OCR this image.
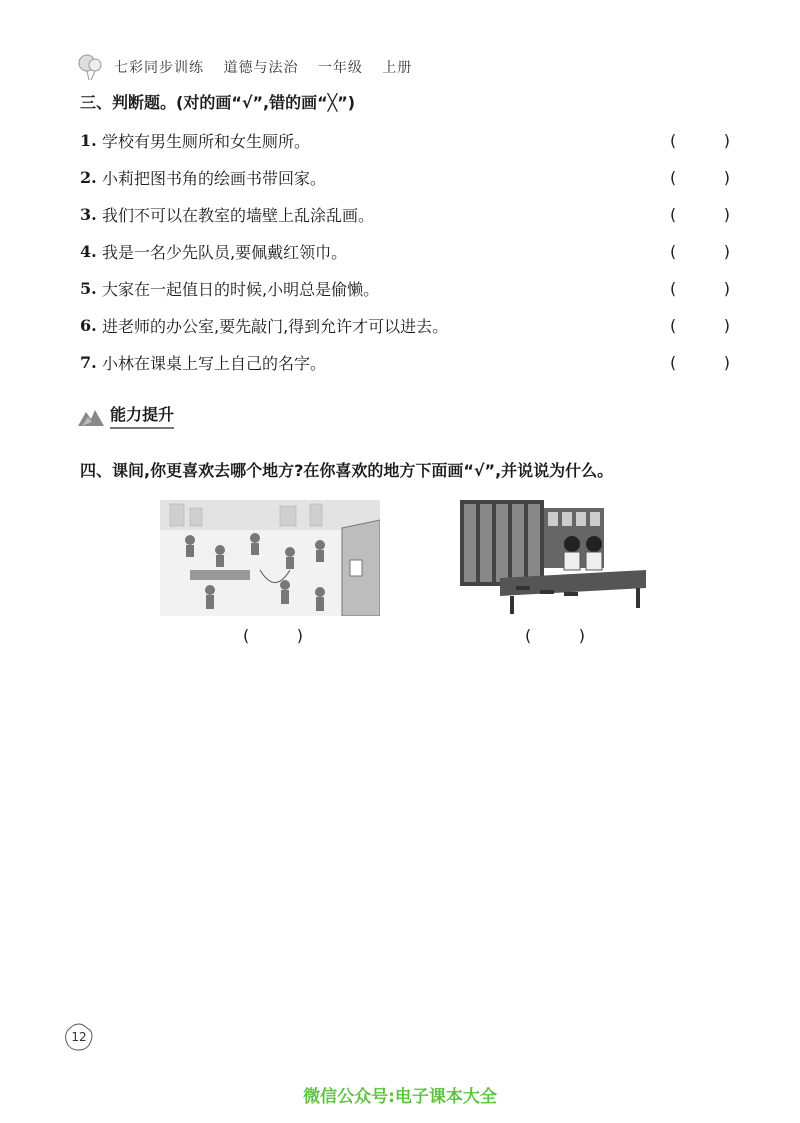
七彩同步训练 道德与法治 一年级 上册
三、判断题。(对的画“√”,错的画“╳”)
1. 学校有男生厕所和女生厕所。	(	)
2. 小莉把图书角的绘画书带回家。	(	)
3. 我们不可以在教室的墙壁上乱涂乱画。	(	)
4. 我是一名少先队员,要佩戴红领巾。	(	)
5. 大家在一起值日的时候,小明总是偷懒。	(	)
6. 进老师的办公室,要先敲门,得到允许才可以进去。	(	)
7. 小林在课桌上写上自己的名字。	(	)
能力提升
四、课间,你更喜欢去哪个地方?在你喜欢的地方下面画“√”,并说说为什么。
(	)	(	)
12
微信公众号:电子课本大全
